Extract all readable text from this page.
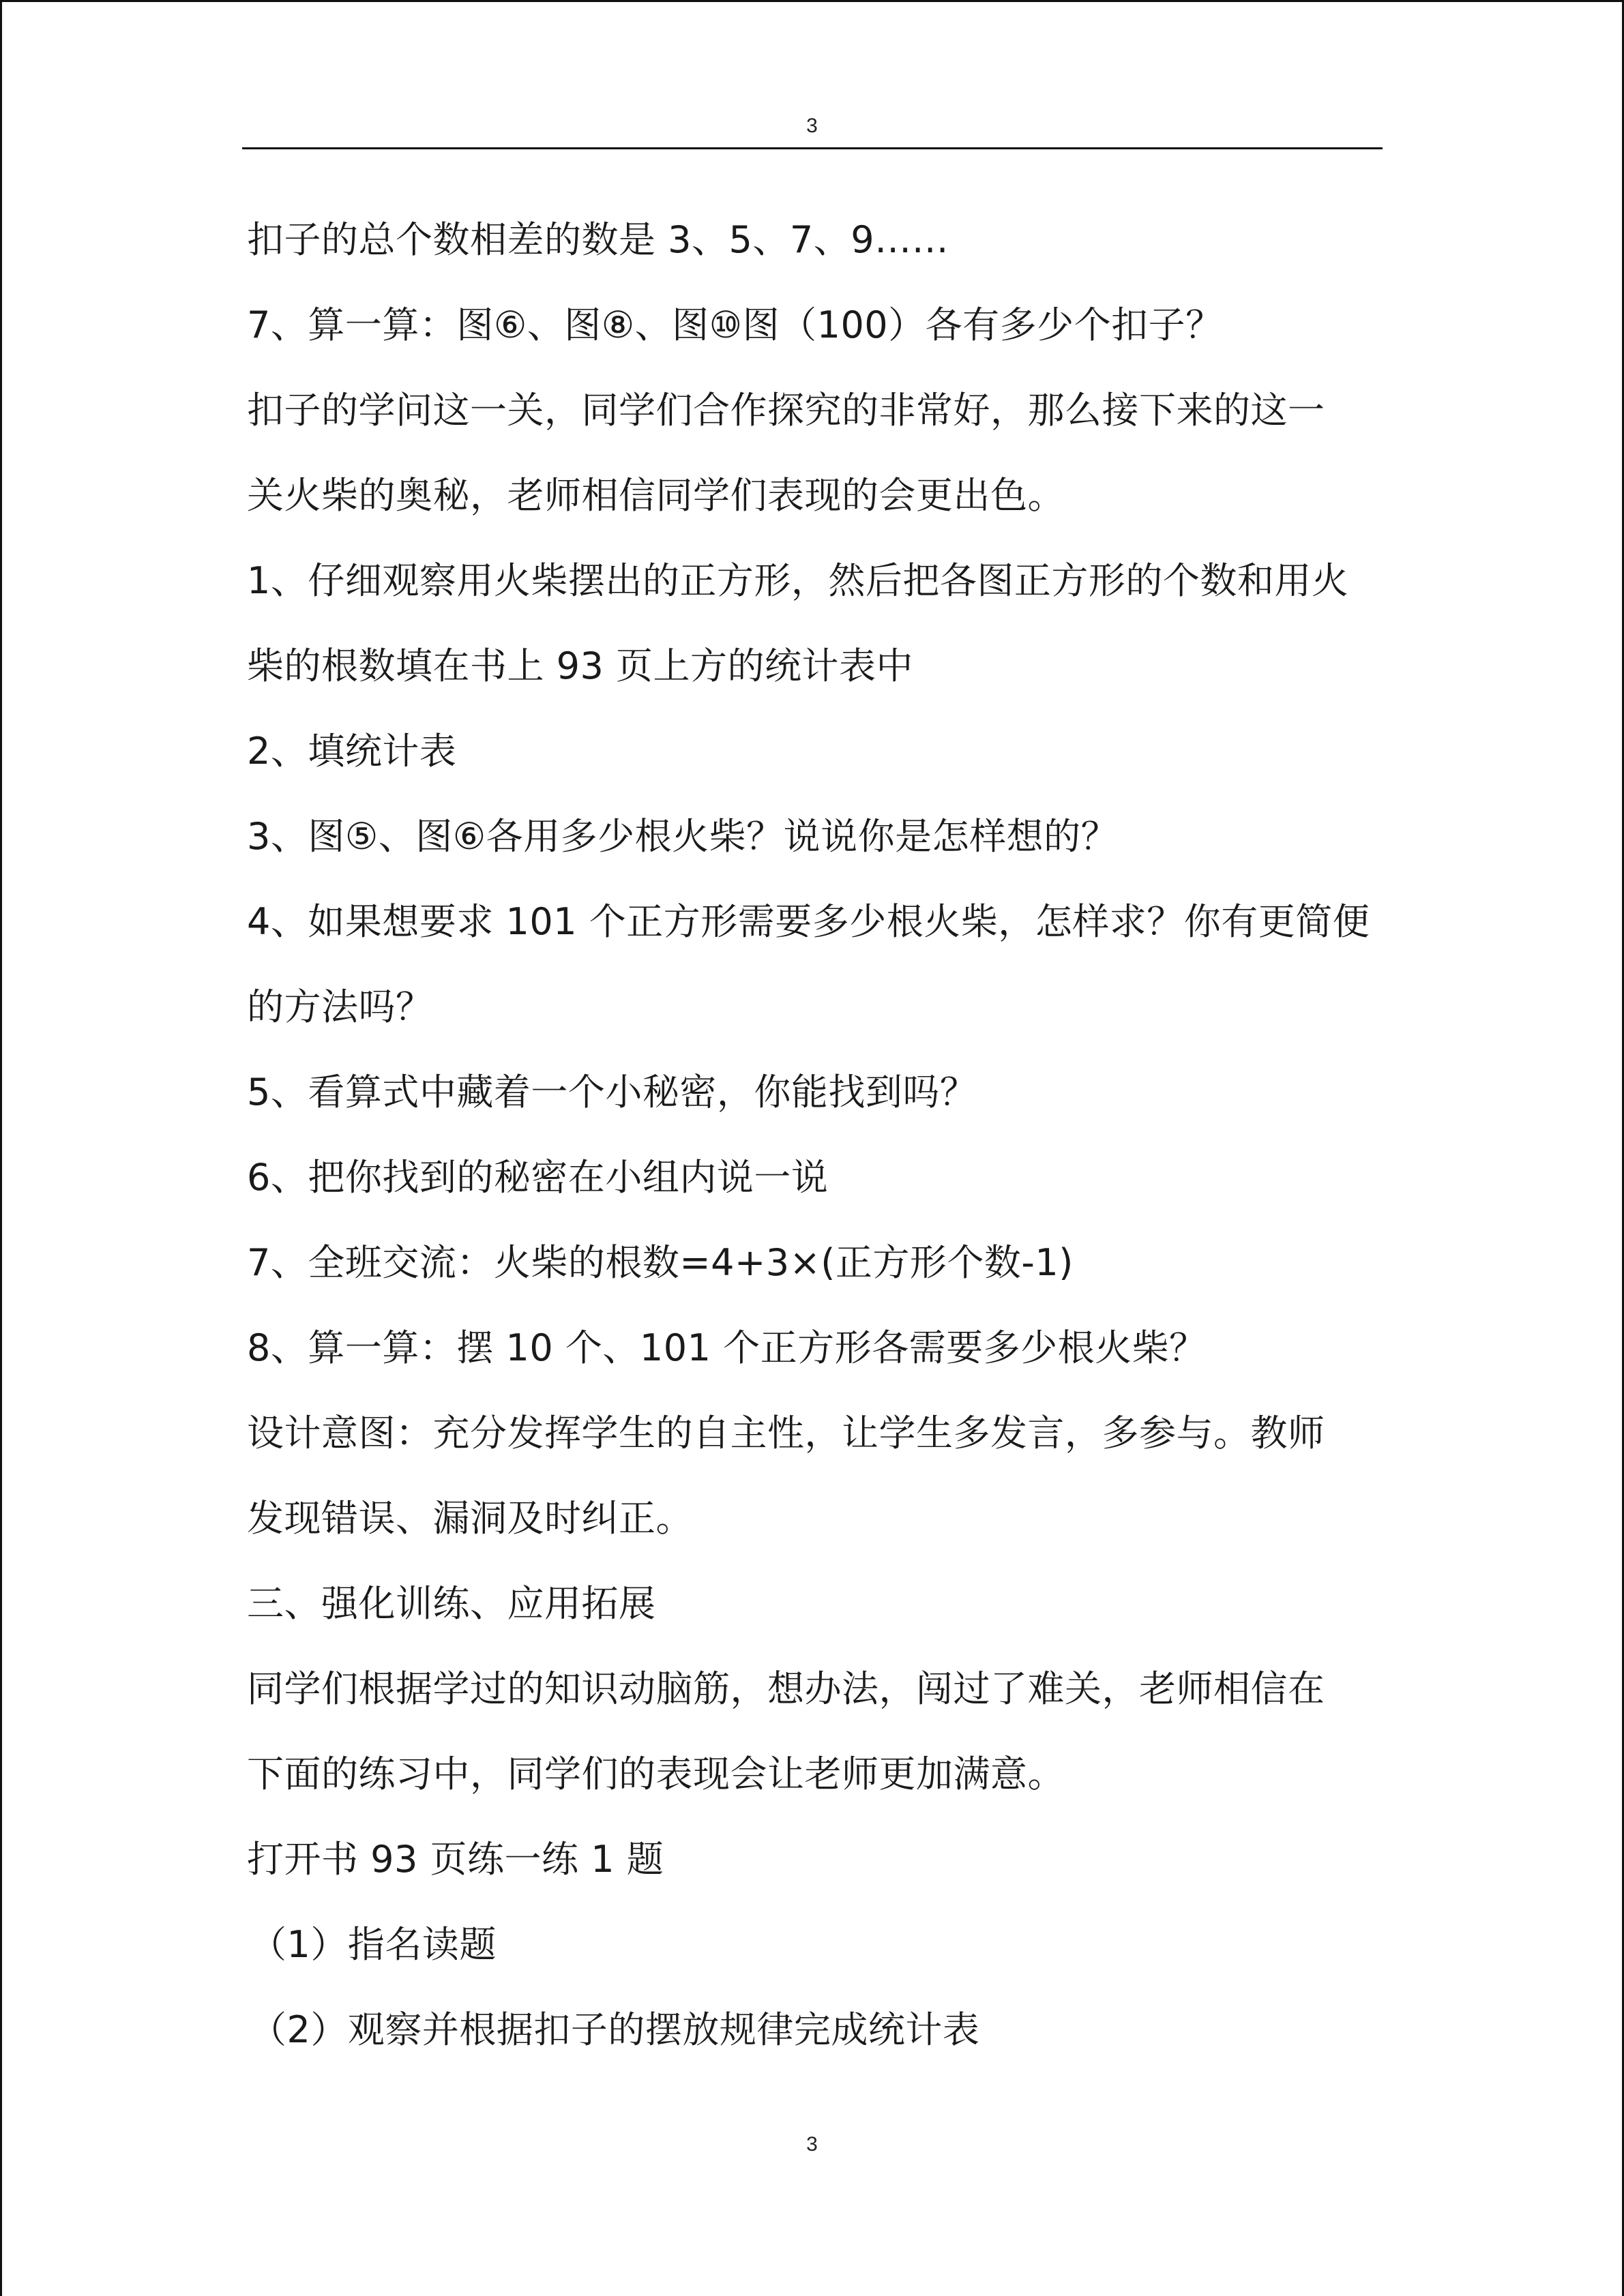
3
扣子的总个数相差的数是 3、5、7、9……
7、算一算：图⑥、图⑧、图⑩图（100）各有多少个扣子？
扣子的学问这一关，同学们合作探究的非常好，那么接下来的这一
关火柴的奥秘，老师相信同学们表现的会更出色。
1、仔细观察用火柴摆出的正方形，然后把各图正方形的个数和用火
柴的根数填在书上 93 页上方的统计表中
2、填统计表
3、图⑤、图⑥各用多少根火柴？说说你是怎样想的？
4、如果想要求 101 个正方形需要多少根火柴，怎样求？你有更简便
的方法吗？
5、看算式中藏着一个小秘密，你能找到吗？
6、把你找到的秘密在小组内说一说
7、全班交流：火柴的根数=4+3×(正方形个数-1)
8、算一算：摆 10 个、101 个正方形各需要多少根火柴？
设计意图：充分发挥学生的自主性，让学生多发言，多参与。教师
发现错误、漏洞及时纠正。
三、强化训练、应用拓展
同学们根据学过的知识动脑筋，想办法，闯过了难关，老师相信在
下面的练习中，同学们的表现会让老师更加满意。
打开书 93 页练一练 1 题
（1）指名读题
（2）观察并根据扣子的摆放规律完成统计表
3
